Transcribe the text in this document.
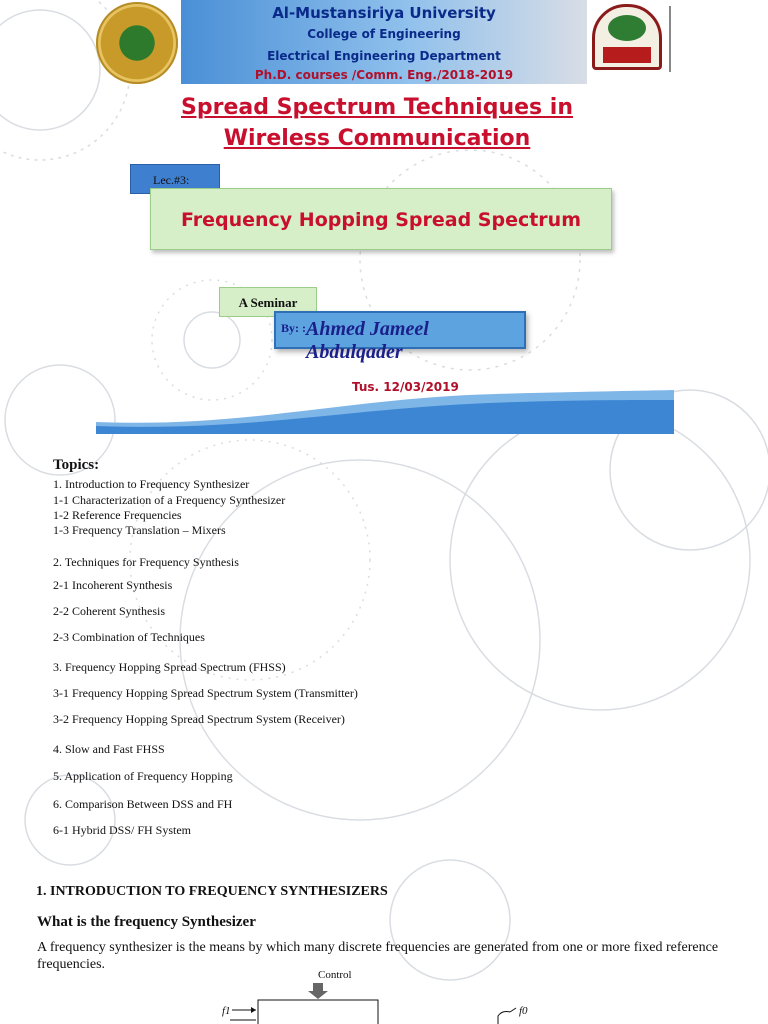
Al-Mustansiriya University
College of Engineering
Electrical Engineering Department
Ph.D. courses /Comm. Eng./2018-2019
Spread Spectrum Techniques in
Wireless Communication
Lec.#3:
Frequency Hopping Spread Spectrum
A Seminar
By: : Ahmed Jameel Abdulqader
Tus. 12/03/2019
Topics:
1. Introduction to Frequency Synthesizer
1-1 Characterization of a Frequency Synthesizer
1-2 Reference Frequencies
1-3 Frequency Translation – Mixers
2. Techniques for Frequency Synthesis
2-1 Incoherent Synthesis
2-2 Coherent Synthesis
2-3 Combination of Techniques
3. Frequency Hopping Spread Spectrum (FHSS)
3-1 Frequency Hopping Spread Spectrum System (Transmitter)
3-2 Frequency Hopping Spread Spectrum System (Receiver)
4. Slow and Fast FHSS
5. Application of Frequency Hopping
6. Comparison Between DSS and FH
6-1 Hybrid DSS/ FH System
1. INTRODUCTION TO FREQUENCY SYNTHESIZERS
What is the frequency Synthesizer
A frequency synthesizer is the means by which many discrete frequencies are generated from one or more fixed reference frequencies.
Control
f1	f0
